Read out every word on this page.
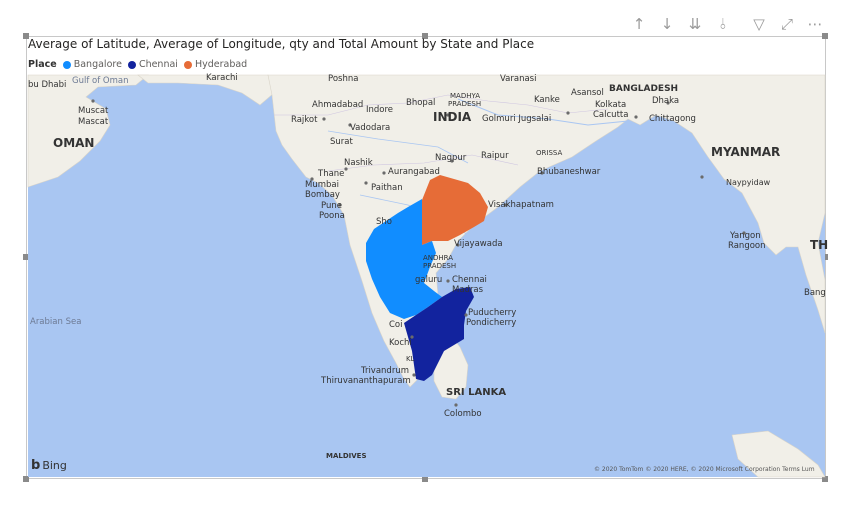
↑	↓	⇊	⫰	▽	⤢ ⋯
Average of Latitude, Average of Longitude, qty and Total Amount by State and Place
Place Bangalore Chennai Hyderabad
Gulf of Oman
bu Dhabi
Karachi
Muscat
Mascat
OMAN
Arabian Sea
MALDIVES
SRI LANKA
Colombo
INDIA
MYANMAR
BANGLADESH
Dhaka
Kolkata
Calcutta Chittagong
Naypyidaw
Yangon
Rangoon	TH
Bang
Poshna	Varanasi
Ahmadabad Indore
Bhopal
MADHYA
PRADESH	Kanke
Asansol
Rajkot
Vadodara
Golmuri Jugsalai
Surat
Nashik
Aurangabad
Nagpur Raipur	ORISSA
Bhubaneshwar
Thane
Mumbai
Bombay
Paithan
Pune
Poona
Sho
Visakhapatnam
Vijayawada
ANDHRA
PRADESH
galuru Chennai
Madras
Puducherry
Pondicherry
Coi
Kochi
KL
Trivandrum
Thiruvananthapuram
b Bing	© 2020 TomTom © 2020 HERE, © 2020 Microsoft Corporation Terms Lum
